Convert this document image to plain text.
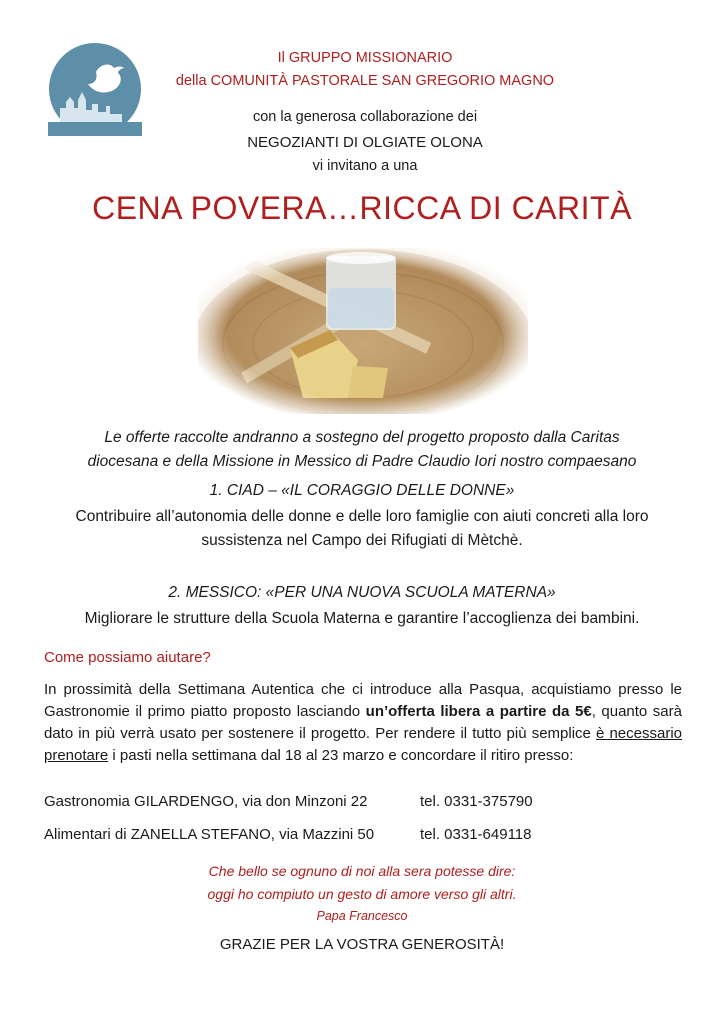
Il GRUPPO MISSIONARIO
della COMUNITÀ PASTORALE SAN GREGORIO MAGNO
con la generosa collaborazione dei
NEGOZIANTI DI OLGIATE OLONA
vi invitano a una
CENA POVERA…RICCA DI CARITÀ
Le offerte raccolte andranno a sostegno del progetto proposto dalla Caritas
diocesana e della Missione in Messico di Padre Claudio Iori nostro compaesano
1. CIAD – «IL CORAGGIO DELLE DONNE»
Contribuire all’autonomia delle donne e delle loro famiglie con aiuti concreti alla loro
sussistenza nel Campo dei Rifugiati di Mètchè.
2. MESSICO: «PER UNA NUOVA SCUOLA MATERNA»
Migliorare le strutture della Scuola Materna e garantire l’accoglienza dei bambini.
Come possiamo aiutare?
In prossimità della Settimana Autentica che ci introduce alla Pasqua, acquistiamo presso le Gastronomie il primo piatto proposto lasciando un’offerta libera a partire da 5€, quanto sarà dato in più verrà usato per sostenere il progetto. Per rendere il tutto più semplice è necessario prenotare i pasti nella settimana dal 18 al 23 marzo e concordare il ritiro presso:
Gastronomia GILARDENGO, via don Minzoni 22	tel. 0331-375790
Alimentari di ZANELLA STEFANO, via Mazzini 50	tel. 0331-649118
Che bello se ognuno di noi alla sera potesse dire:
oggi ho compiuto un gesto di amore verso gli altri.
Papa Francesco
GRAZIE PER LA VOSTRA GENEROSITÀ!
